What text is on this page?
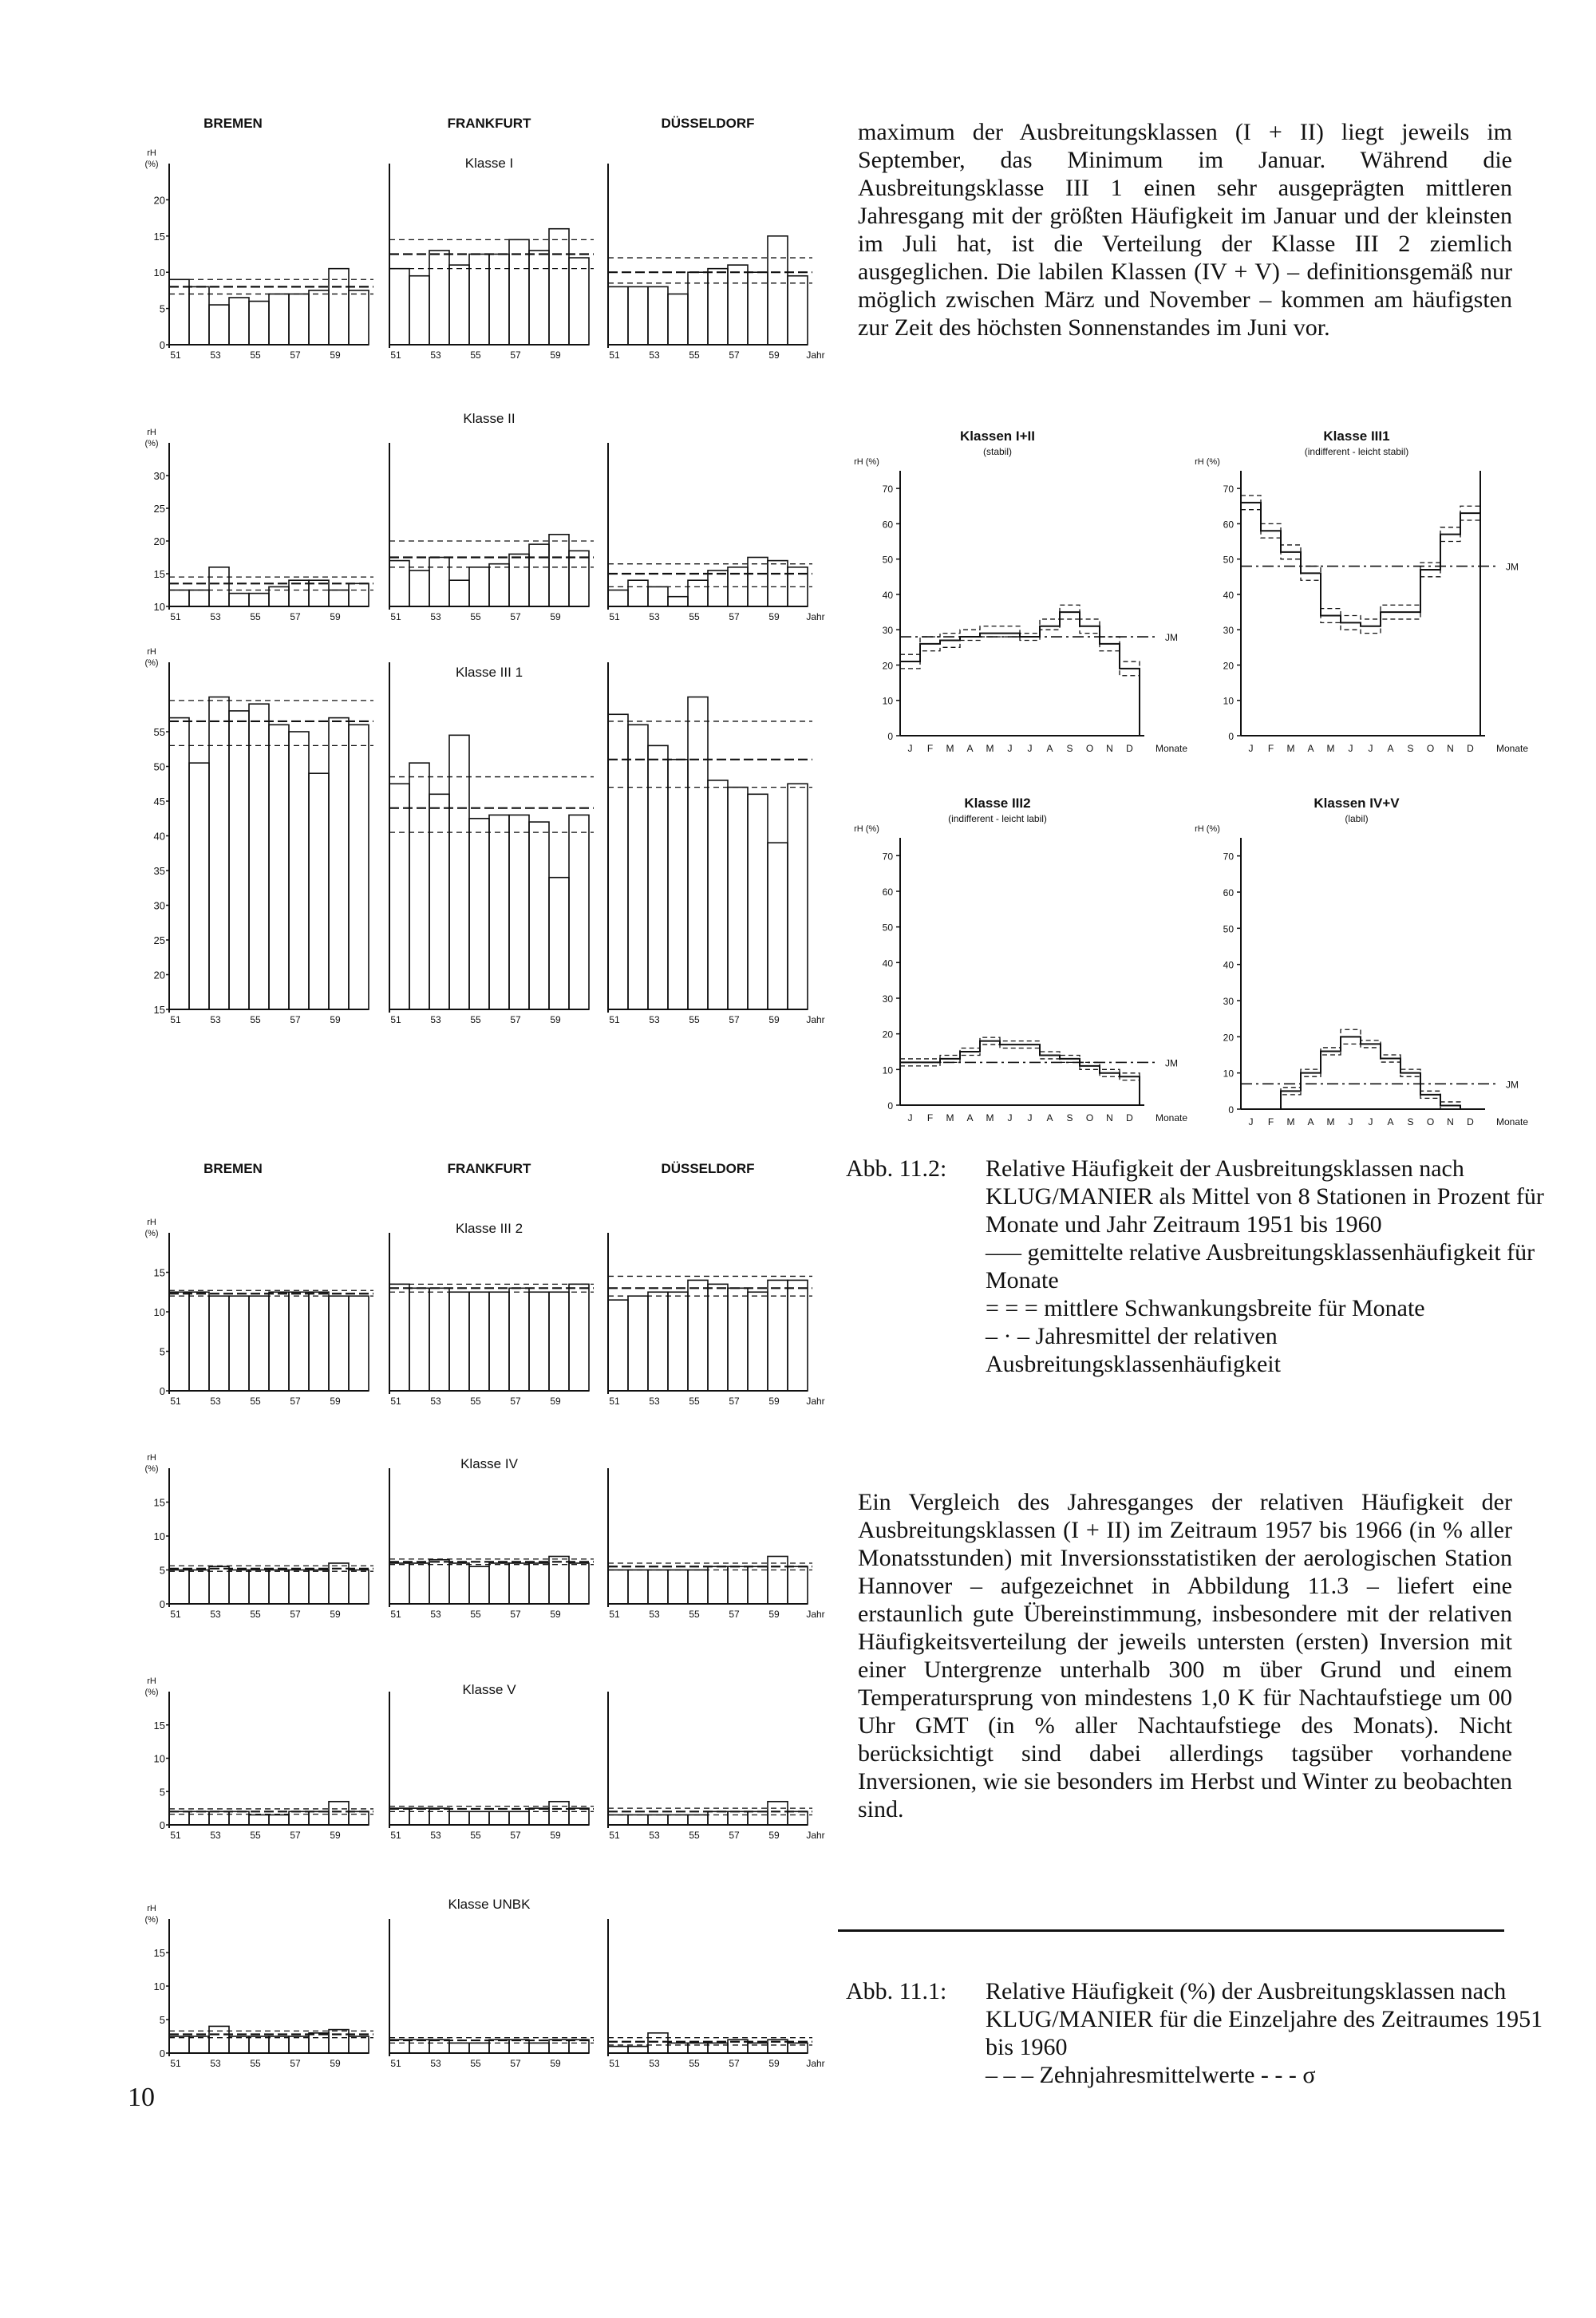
BREMEN	FRANKFURT	DÜSSELDORF
BREMEN	FRANKFURT	DÜSSELDORF
Klasse I
51	53	55	57	59
0
5
10
15
20
rH
(%)
51	53	55	57	59	51	53	55	57	59	Jahr
Klasse II
51	53	55	57	59
10
15
20
25
30
rH
(%)
51	53	55	57	59	51	53	55	57	59	Jahr
Klasse III 1
51	53	55	57	59
15
20
25
30
35
40
45
50
55
rH
(%)
51	53	55	57	59	51	53	55	57	59	Jahr
Klasse III 2
51	53	55	57	59
0
5
10
15
rH
(%)
51	53	55	57	59	51	53	55	57	59	Jahr
Klasse IV
51	53	55	57	59
0
5
10
15
rH
(%)
51	53	55	57	59	51	53	55	57	59	Jahr
Klasse V
51	53	55	57	59
0
5
10
15
rH
(%)
51	53	55	57	59	51	53	55	57	59	Jahr
Klasse UNBK
51	53	55	57	59
0
5
10
15
rH
(%)
51	53	55	57	59	51	53	55	57	59	Jahr
Klassen I+II
(stabil)
0
10
20
30
40
50
60
70
rH (%)
JM
J F M A M J J A S O N D Monate
Klasse III1
(indifferent - leicht stabil)
0
10
20
30
40
50
60
70
rH (%)
JM
J F M A M J J A S O N D Monate
Klasse III2
(indifferent - leicht labil)
0
10
20
30
40
50
60
70
rH (%)
JM
J F M A M J J A S O N D Monate
Klassen IV+V
(labil)
0
10
20
30
40
50
60
70
rH (%)
JM
J F M A M J J A S O N D Monate

maximum der Ausbreitungsklassen (I + II) liegt jeweils im September, das Minimum im Januar. Während die Ausbreitungsklasse III 1 einen sehr ausgeprägten mittleren Jahresgang mit der größten Häufigkeit im Januar und der kleinsten im Juli hat, ist die Verteilung der Klasse III 2 ziemlich ausgeglichen. Die labilen Klassen (IV + V) – definitionsgemäß nur möglich zwischen März und November – kommen am häufigsten zur Zeit des höchsten Sonnenstandes im Juni vor.

Abb. 11.2: Relative Häufigkeit der Ausbreitungsklassen nach KLUG/MANIER als Mittel von 8 Stationen in Prozent für Monate und Jahr Zeitraum 1951 bis 1960
––– gemittelte relative Ausbreitungsklassenhäufigkeit für Monate
= = = mittlere Schwankungsbreite für Monate
– · – Jahresmittel der relativen Ausbreitungsklassenhäufigkeit

Ein Vergleich des Jahresganges der relativen Häufigkeit der Ausbreitungsklassen (I + II) im Zeitraum 1957 bis 1966 (in % aller Monatsstunden) mit Inversionsstatistiken der aerologischen Station Hannover – aufgezeichnet in Abbildung 11.3 – liefert eine erstaunlich gute Übereinstimmung, insbesondere mit der relativen Häufigkeitsverteilung der jeweils untersten (ersten) Inversion mit einer Untergrenze unterhalb 300 m über Grund und einem Temperatursprung von mindestens 1,0 K für Nachtaufstiege um 00 Uhr GMT (in % aller Nachtaufstiege des Monats). Nicht berücksichtigt sind dabei allerdings tagsüber vorhandene Inversionen, wie sie besonders im Herbst und Winter zu beobachten sind.

Abb. 11.1: Relative Häufigkeit (%) der Ausbreitungsklassen nach KLUG/MANIER für die Einzeljahre des Zeitraumes 1951 bis 1960
– – – Zehnjahresmittelwerte - - - σ
10
